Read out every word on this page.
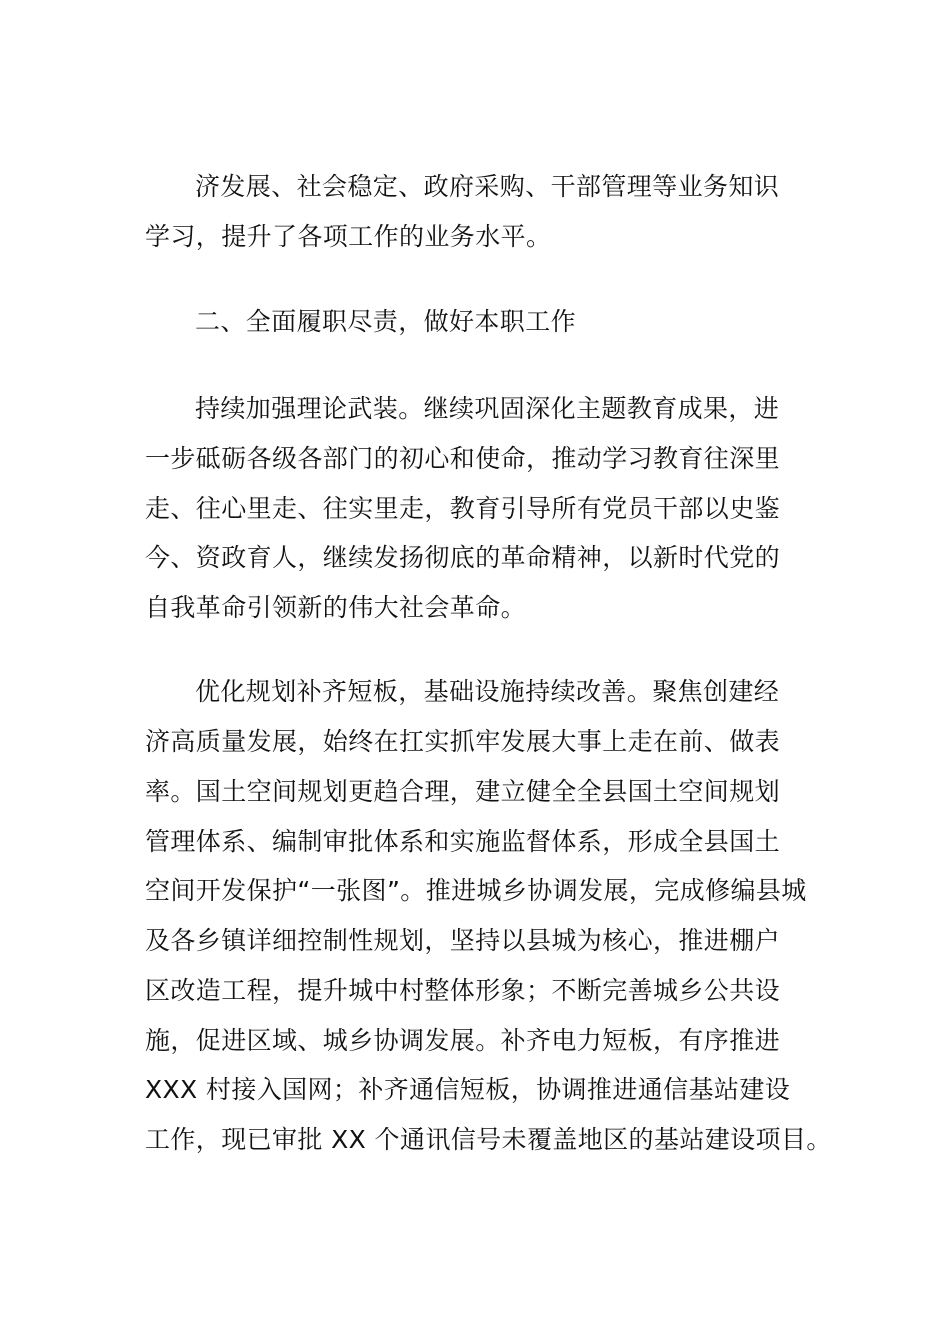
济发展、社会稳定、政府采购、干部管理等业务知识
学习，提升了各项工作的业务水平。
二、全面履职尽责，做好本职工作
持续加强理论武装。继续巩固深化主题教育成果，进
一步砥砺各级各部门的初心和使命，推动学习教育往深里
走、往心里走、往实里走，教育引导所有党员干部以史鉴
今、资政育人，继续发扬彻底的革命精神，以新时代党的
自我革命引领新的伟大社会革命。
优化规划补齐短板，基础设施持续改善。聚焦创建经
济高质量发展，始终在扛实抓牢发展大事上走在前、做表
率。国土空间规划更趋合理，建立健全全县国土空间规划
管理体系、编制审批体系和实施监督体系，形成全县国土
空间开发保护“一张图”。推进城乡协调发展，完成修编县城
及各乡镇详细控制性规划，坚持以县城为核心，推进棚户
区改造工程，提升城中村整体形象；不断完善城乡公共设
施，促进区域、城乡协调发展。补齐电力短板，有序推进
XXX 村接入国网；补齐通信短板，协调推进通信基站建设
工作，现已审批 XX 个通讯信号未覆盖地区的基站建设项目。
